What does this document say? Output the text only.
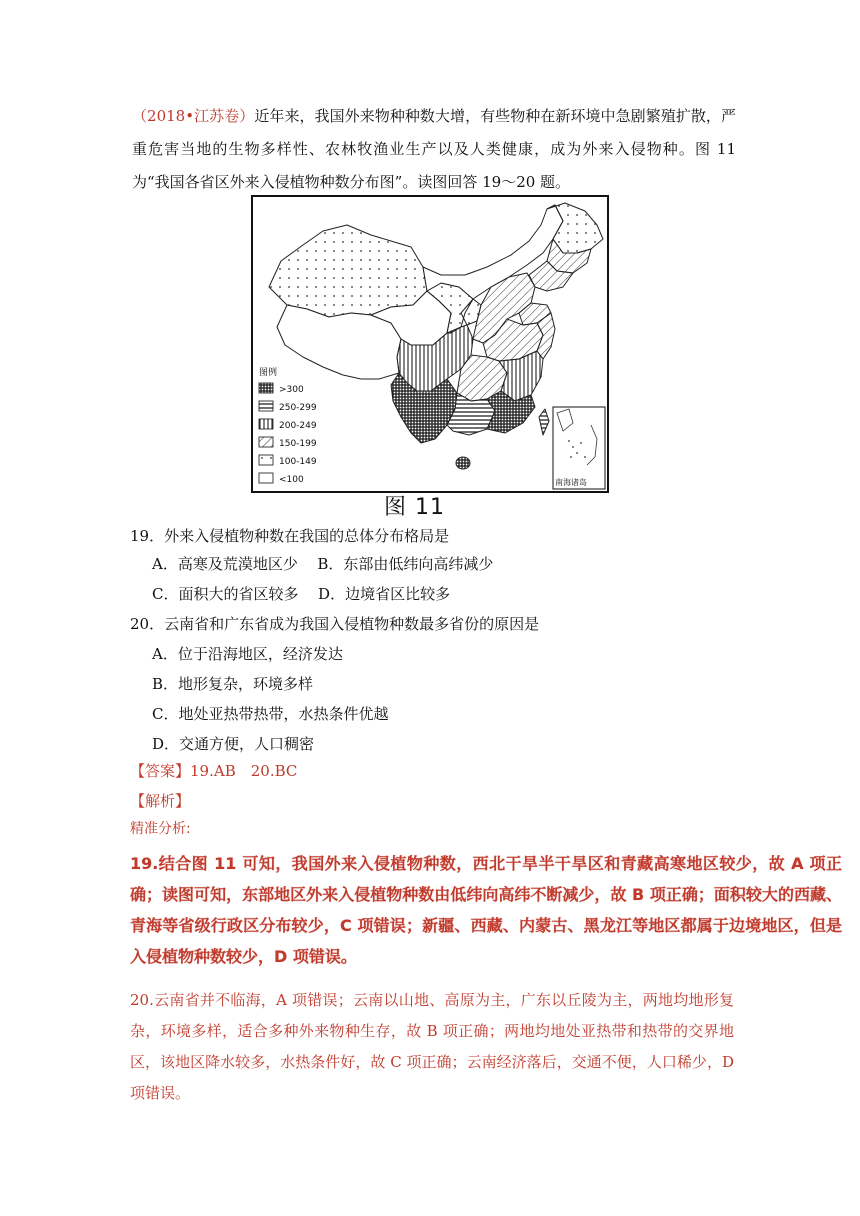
（2018•江苏卷）近年来，我国外来物种种数大增，有些物种在新环境中急剧繁殖扩散，严重危害当地的生物多样性、农林牧渔业生产以及人类健康，成为外来入侵物种。图 11 为“我国各省区外来入侵植物种数分布图”。读图回答 19～20 题。
图例
>300
250-299
200-249
150-199
100-149
<100	南海诸岛
图 11
19．外来入侵植物种数在我国的总体分布格局是
A．高寒及荒漠地区少 B．东部由低纬向高纬减少
C．面积大的省区较多 D．边境省区比较多
20．云南省和广东省成为我国入侵植物种数最多省份的原因是
A．位于沿海地区，经济发达
B．地形复杂，环境多样
C．地处亚热带热带，水热条件优越
D．交通方便，人口稠密
【答案】19.AB　20.BC
【解析】
精准分析:
19.结合图 11 可知，我国外来入侵植物种数，西北干旱半干旱区和青藏高寒地区较少，故 A 项正确；读图可知，东部地区外来入侵植物种数由低纬向高纬不断减少，故 B 项正确；面积较大的西藏、青海等省级行政区分布较少，C 项错误；新疆、西藏、内蒙古、黑龙江等地区都属于边境地区，但是入侵植物种数较少，D 项错误。
20.云南省并不临海，A 项错误；云南以山地、高原为主，广东以丘陵为主，两地均地形复杂，环境多样，适合多种外来物种生存，故 B 项正确；两地均地处亚热带和热带的交界地区，该地区降水较多，水热条件好，故 C 项正确；云南经济落后，交通不便，人口稀少，D 项错误。
